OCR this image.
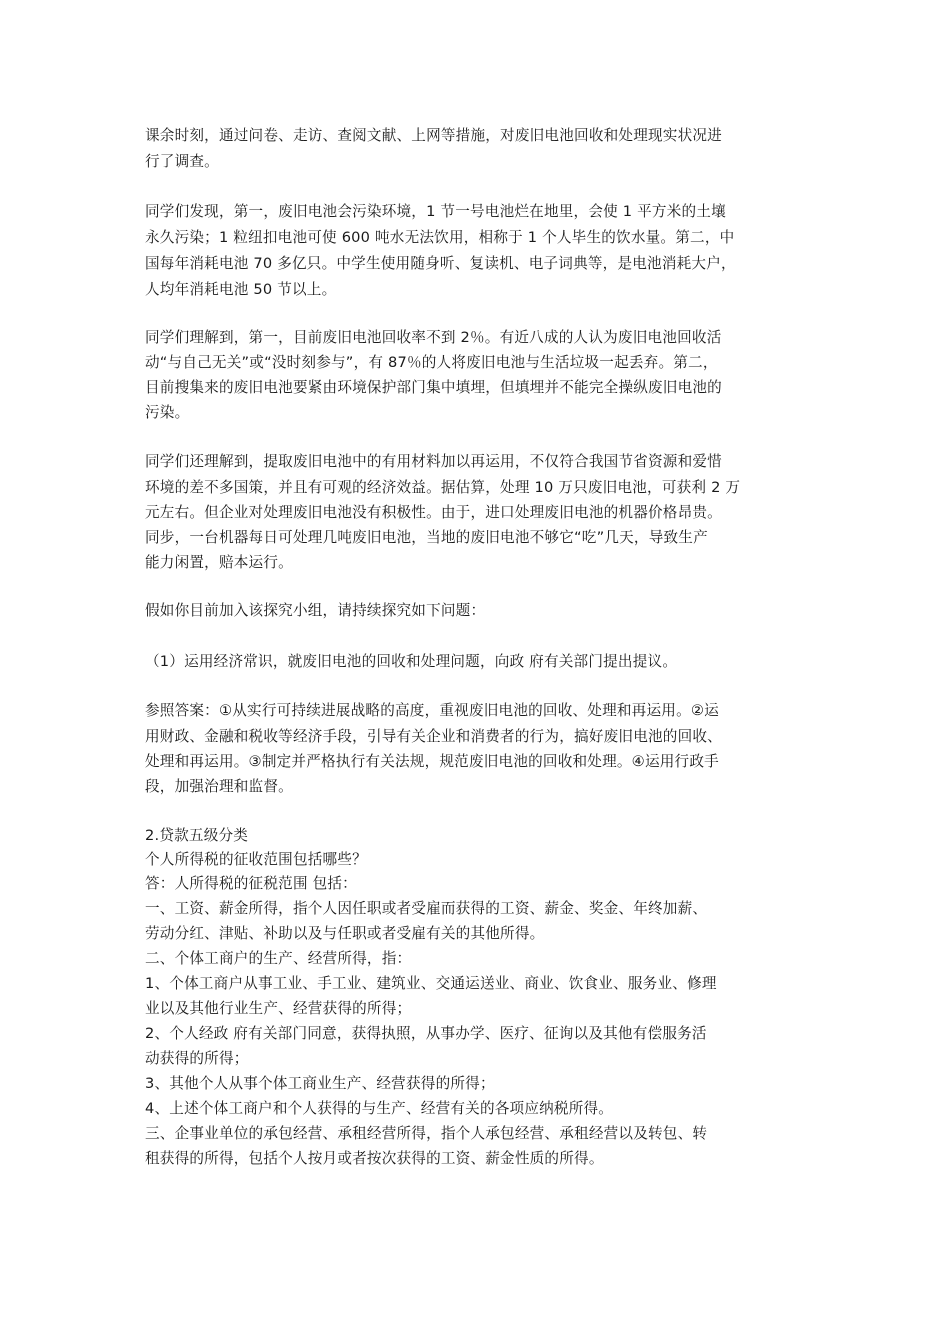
课余时刻，通过问卷、走访、查阅文献、上网等措施，对废旧电池回收和处理现实状况进
行了调查。
同学们发现，第一，废旧电池会污染环境，1 节一号电池烂在地里，会使 1 平方米的土壤
永久污染；1 粒纽扣电池可使 600 吨水无法饮用，相称于 1 个人毕生的饮水量。第二，中
国每年消耗电池 70 多亿只。中学生使用随身听、复读机、电子词典等，是电池消耗大户，
人均年消耗电池 50 节以上。
同学们理解到，第一，目前废旧电池回收率不到 2％。有近八成的人认为废旧电池回收活
动“与自己无关”或“没时刻参与”，有 87％的人将废旧电池与生活垃圾一起丢弃。第二，
目前搜集来的废旧电池要紧由环境保护部门集中填埋，但填埋并不能完全操纵废旧电池的
污染。
同学们还理解到，提取废旧电池中的有用材料加以再运用，不仅符合我国节省资源和爱惜
环境的差不多国策，并且有可观的经济效益。据估算，处理 10 万只废旧电池，可获利 2 万
元左右。但企业对处理废旧电池没有积极性。由于，进口处理废旧电池的机器价格昂贵。
同步，一台机器每日可处理几吨废旧电池，当地的废旧电池不够它“吃”几天，导致生产
能力闲置，赔本运行。
假如你目前加入该探究小组，请持续探究如下问题：
（1）运用经济常识，就废旧电池的回收和处理问题，向政 府有关部门提出提议。
参照答案：①从实行可持续进展战略的高度，重视废旧电池的回收、处理和再运用。②运
用财政、金融和税收等经济手段，引导有关企业和消费者的行为，搞好废旧电池的回收、
处理和再运用。③制定并严格执行有关法规，规范废旧电池的回收和处理。④运用行政手
段，加强治理和监督。
2.贷款五级分类
个人所得税的征收范围包括哪些？
答：人所得税的征税范围 包括：
一、工资、薪金所得，指个人因任职或者受雇而获得的工资、薪金、奖金、年终加薪、
劳动分红、津贴、补助以及与任职或者受雇有关的其他所得。
二、个体工商户的生产、经营所得，指：
1、个体工商户从事工业、手工业、建筑业、交通运送业、商业、饮食业、服务业、修理
业以及其他行业生产、经营获得的所得；
2、个人经政 府有关部门同意，获得执照，从事办学、医疗、征询以及其他有偿服务活
动获得的所得；
3、其他个人从事个体工商业生产、经营获得的所得；
4、上述个体工商户和个人获得的与生产、经营有关的各项应纳税所得。
三、企事业单位的承包经营、承租经营所得，指个人承包经营、承租经营以及转包、转
租获得的所得，包括个人按月或者按次获得的工资、薪金性质的所得。
